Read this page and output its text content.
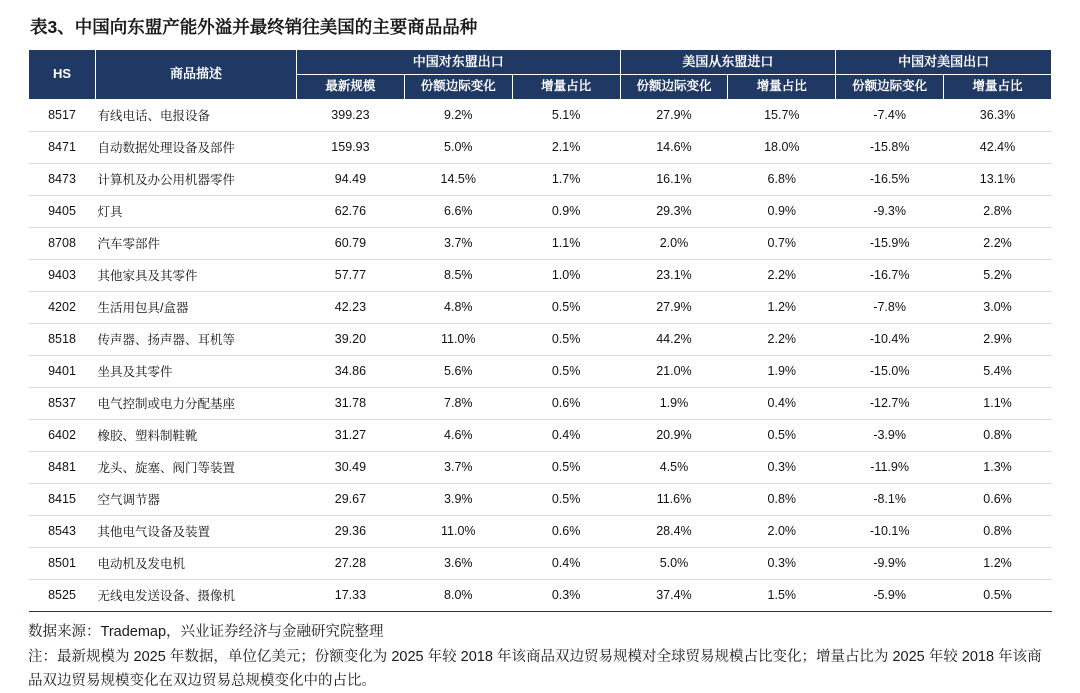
表3、中国向东盟产能外溢并最终销往美国的主要商品品种
HS	商品描述	中国对东盟出口			美国从东盟进口		中国对美国出口	
		最新规模	份额边际变化	增量占比	份额边际变化	增量占比	份额边际变化	增量占比
8517	有线电话、电报设备	399.23	9.2%	5.1%	27.9%	15.7%	-7.4%	36.3%
8471	自动数据处理设备及部件	159.93	5.0%	2.1%	14.6%	18.0%	-15.8%	42.4%
8473	计算机及办公用机器零件	94.49	14.5%	1.7%	16.1%	6.8%	-16.5%	13.1%
9405	灯具	62.76	6.6%	0.9%	29.3%	0.9%	-9.3%	2.8%
8708	汽车零部件	60.79	3.7%	1.1%	2.0%	0.7%	-15.9%	2.2%
9403	其他家具及其零件	57.77	8.5%	1.0%	23.1%	2.2%	-16.7%	5.2%
4202	生活用包具/盒器	42.23	4.8%	0.5%	27.9%	1.2%	-7.8%	3.0%
8518	传声器、扬声器、耳机等	39.20	11.0%	0.5%	44.2%	2.2%	-10.4%	2.9%
9401	坐具及其零件	34.86	5.6%	0.5%	21.0%	1.9%	-15.0%	5.4%
8537	电气控制或电力分配基座	31.78	7.8%	0.6%	1.9%	0.4%	-12.7%	1.1%
6402	橡胶、塑料制鞋靴	31.27	4.6%	0.4%	20.9%	0.5%	-3.9%	0.8%
8481	龙头、旋塞、阀门等装置	30.49	3.7%	0.5%	4.5%	0.3%	-11.9%	1.3%
8415	空气调节器	29.67	3.9%	0.5%	11.6%	0.8%	-8.1%	0.6%
8543	其他电气设备及装置	29.36	11.0%	0.6%	28.4%	2.0%	-10.1%	0.8%
8501	电动机及发电机	27.28	3.6%	0.4%	5.0%	0.3%	-9.9%	1.2%
8525	无线电发送设备、摄像机	17.33	8.0%	0.3%	37.4%	1.5%	-5.9%	0.5%
数据来源：Trademap，兴业证券经济与金融研究院整理
注：最新规模为 2025 年数据，单位亿美元；份额变化为 2025 年较 2018 年该商品双边贸易规模对全球贸易规模占比变化；增量占比为 2025 年较 2018 年该商品双边贸易规模变化在双边贸易总规模变化中的占比。
